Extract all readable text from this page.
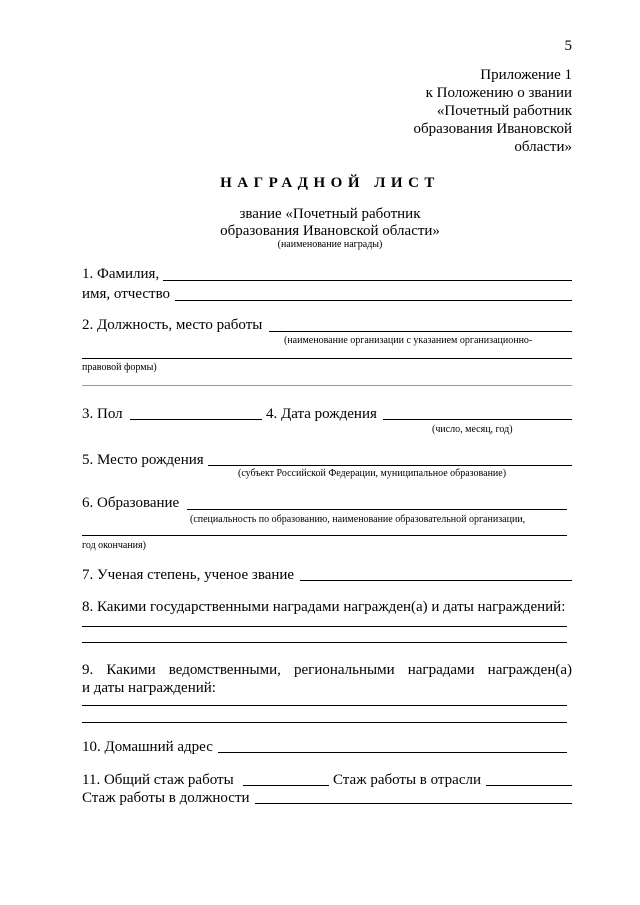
5
Приложение 1
к Положению о звании
«Почетный работник
образования Ивановской
области»
НАГРАДНОЙ ЛИСТ
звание «Почетный работник
образования Ивановской области»
(наименование награды)
1. Фамилия,
имя, отчество
2. Должность, место работы
(наименование организации с указанием организационно-
правовой формы)
3. Пол	4. Дата рождения
(число, месяц, год)
5. Место рождения
(субъект Российской Федерации, муниципальное образование)
6. Образование
(специальность по образованию, наименование образовательной организации,
год окончания)
7. Ученая степень, ученое звание
8. Какими государственными наградами награжден(а) и даты награждений:
9. Какими ведомственными, региональными наградами награжден(а)
и даты награждений:
10. Домашний адрес
11. Общий стаж работы	Стаж работы в отрасли
Стаж работы в должности
